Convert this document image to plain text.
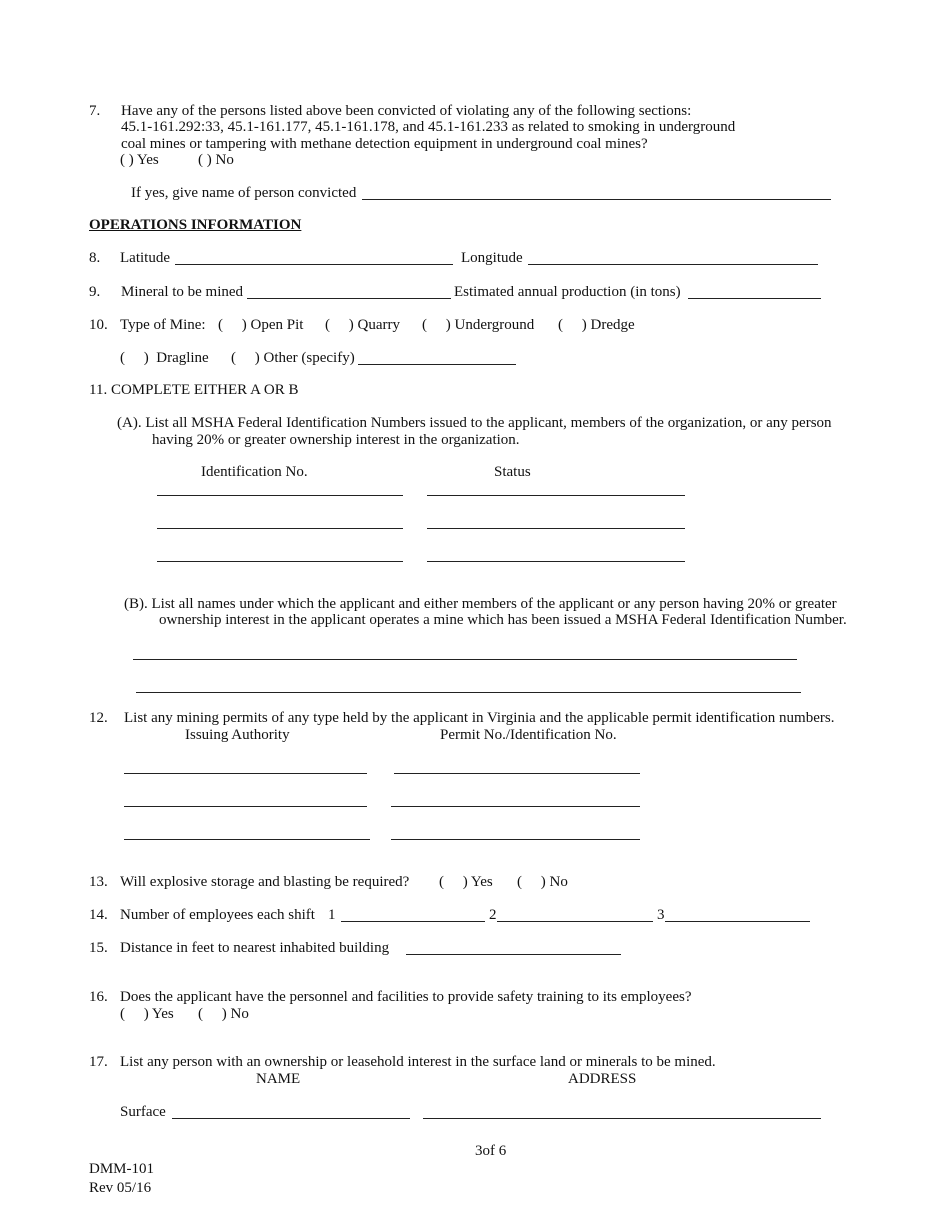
7. Have any of the persons listed above been convicted of violating any of the following sections:
45.1-161.292:33, 45.1-161.177, 45.1-161.178, and 45.1-161.233 as related to smoking in underground
coal mines or tampering with methane detection equipment in underground coal mines?
( ) Yes	( ) No
If yes, give name of person convicted
OPERATIONS INFORMATION
8. Latitude	Longitude
9. Mineral to be mined	Estimated annual production (in tons)
10. Type of Mine: (     ) Open Pit (     ) Quarry (     ) Underground (     ) Dredge
(     )  Dragline (     ) Other (specify)
11. COMPLETE EITHER A OR B
(A). List all MSHA Federal Identification Numbers issued to the applicant, members of the organization, or any person
having 20% or greater ownership interest in the organization.
Identification No.	Status
(B). List all names under which the applicant and either members of the applicant or any person having 20% or greater
ownership interest in the applicant operates a mine which has been issued a MSHA Federal Identification Number.
12. List any mining permits of any type held by the applicant in Virginia and the applicable permit identification numbers.
Issuing Authority	Permit No./Identification No.
13. Will explosive storage and blasting be required? (     ) Yes (     ) No
14. Number of employees each shift 1	2	3
15. Distance in feet to nearest inhabited building
16. Does the applicant have the personnel and facilities to provide safety training to its employees?
(     ) Yes (     ) No
17. List any person with an ownership or leasehold interest in the surface land or minerals to be mined.
NAME	ADDRESS
Surface
3of 6
DMM-101
Rev 05/16
